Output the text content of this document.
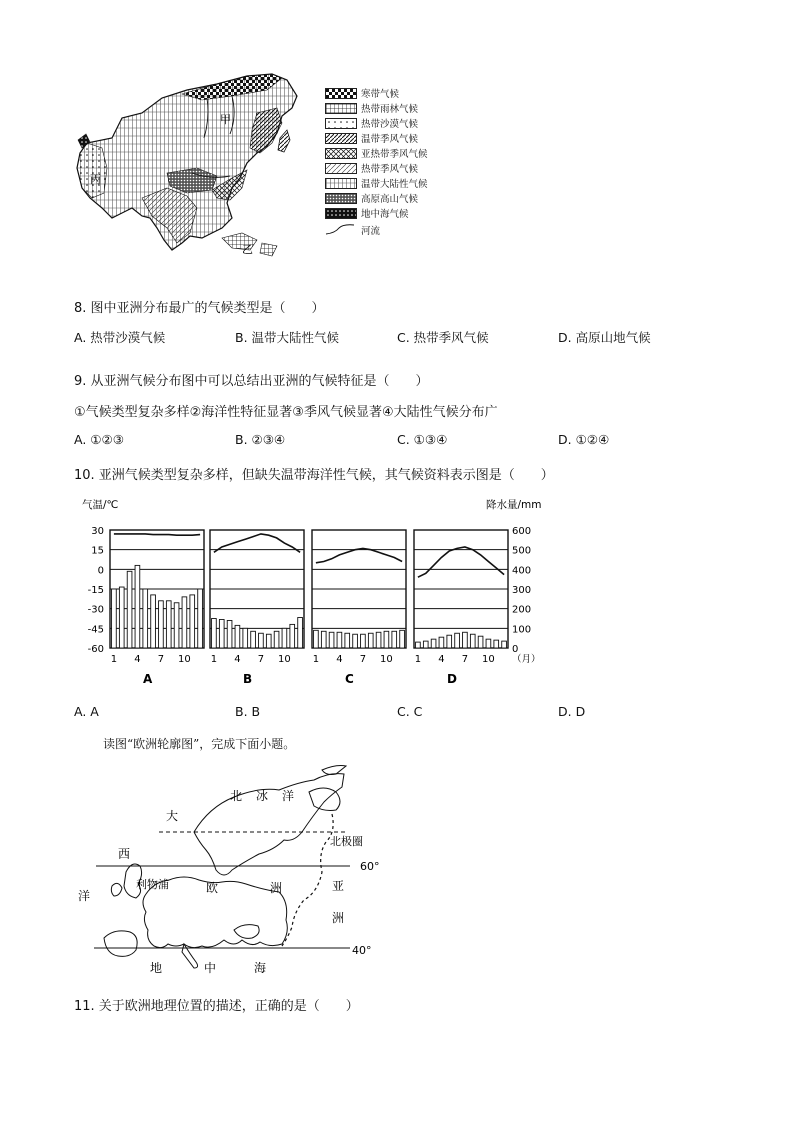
甲
乙
丙
寒带气候
热带雨林气候
热带沙漠气候
温带季风气候
亚热带季风气候
热带季风气候
温带大陆性气候
高原高山气候
地中海气候
河流
8. 图中亚洲分布最广的气候类型是（　　）
A. 热带沙漠气候	B. 温带大陆性气候	C. 热带季风气候	D. 高原山地气候
9. 从亚洲气候分布图中可以总结出亚洲的气候特征是（　　）
①气候类型复杂多样②海洋性特征显著③季风气候显著④大陆性气候分布广
A. ①②③	B. ②③④	C. ①③④	D. ①②④
10. 亚洲气候类型复杂多样，但缺失温带海洋性气候，其气候资料表示图是（　　）
气温/℃	降水量/mm
30
15
0
-15
-30
-45
-60
600
500
400
300
200
100
0
1 4 7 10
A
1 4 7 10
B
1 4 7 10
C
1 4 7 10
D
（月）
A. A	B. B	C. C	D. D
读图“欧洲轮廓图”，完成下面小题。
北 冰 洋
大
西
洋
利物浦	欧	洲	亚
洲
地	中	海
北极圈
60°
40°
11. 关于欧洲地理位置的描述，正确的是（　　）
